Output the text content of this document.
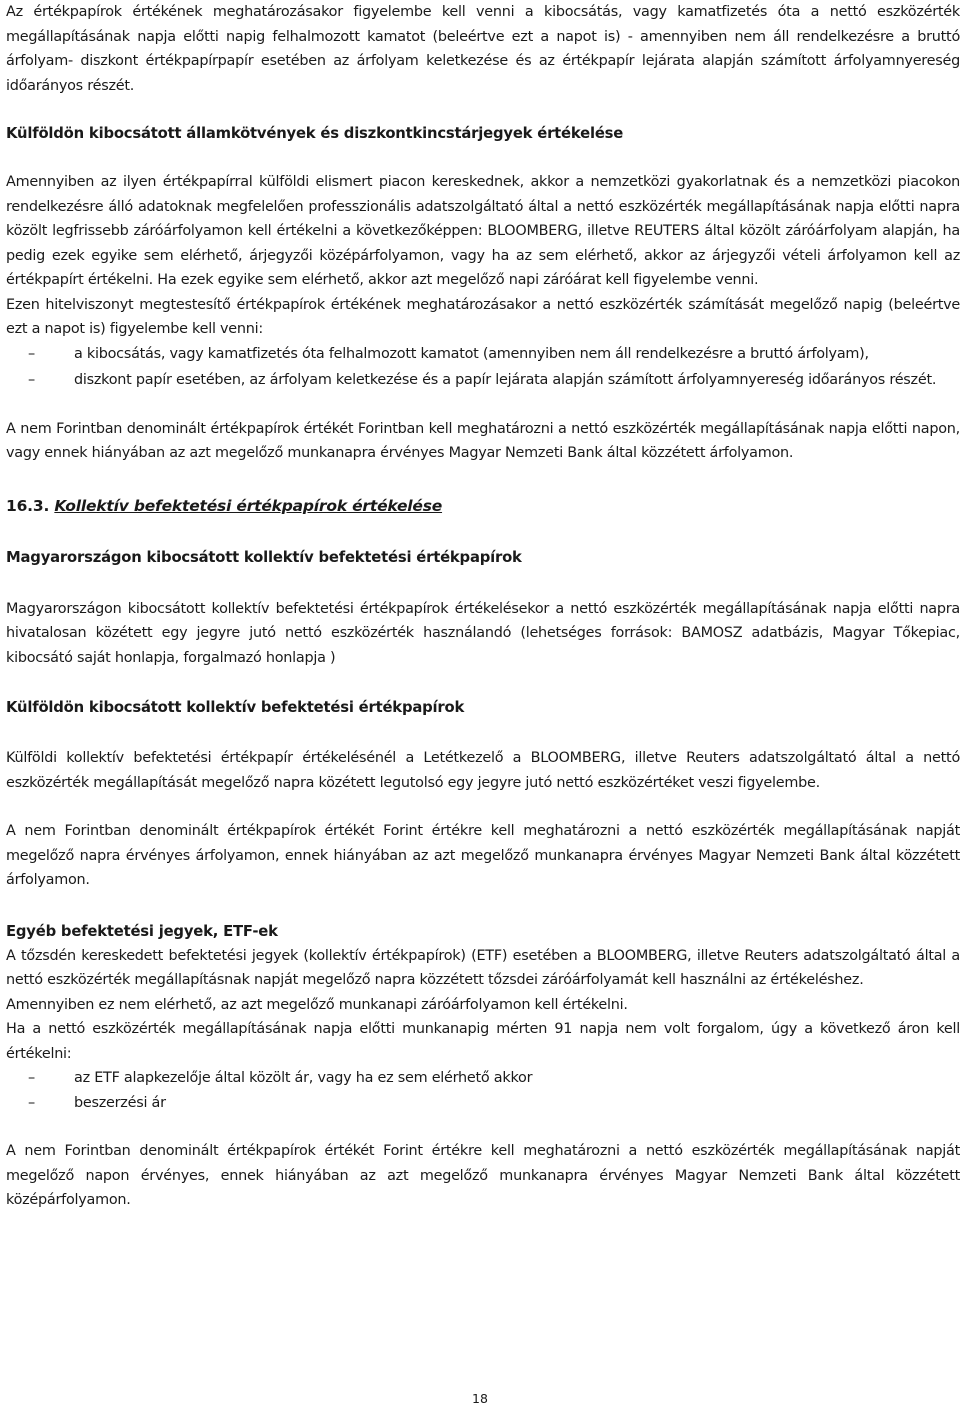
Az értékpapírok értékének meghatározásakor figyelembe kell venni a kibocsátás, vagy kamatfizetés óta a nettó eszközérték megállapításának napja előtti napig felhalmozott kamatot (beleértve ezt a napot is) - amennyiben nem áll rendelkezésre a bruttó árfolyam- diszkont értékpapírpapír esetében az árfolyam keletkezése és az értékpapír lejárata alapján számított árfolyamnyereség időarányos részét.

Külföldön kibocsátott államkötvények és diszkontkincstárjegyek értékelése

Amennyiben az ilyen értékpapírral külföldi elismert piacon kereskednek, akkor a nemzetközi gyakorlatnak és a nemzetközi piacokon rendelkezésre álló adatoknak megfelelően professzionális adatszolgáltató által a nettó eszközérték megállapításának napja előtti napra közölt legfrissebb záróárfolyamon kell értékelni a következőképpen: BLOOMBERG, illetve REUTERS által közölt záróárfolyam alapján, ha pedig ezek egyike sem elérhető, árjegyzői középárfolyamon, vagy ha az sem elérhető, akkor az árjegyzői vételi árfolyamon kell az értékpapírt értékelni. Ha ezek egyike sem elérhető, akkor azt megelőző napi záróárat kell figyelembe venni.

Ezen hitelviszonyt megtestesítő értékpapírok értékének meghatározásakor a nettó eszközérték számítását megelőző napig (beleértve ezt a napot is) figyelembe kell venni:

–	a kibocsátás, vagy kamatfizetés óta felhalmozott kamatot (amennyiben nem áll rendelkezésre a bruttó árfolyam),
–	diszkont papír esetében, az árfolyam keletkezése és a papír lejárata alapján számított árfolyamnyereség időarányos részét.

A nem Forintban denominált értékpapírok értékét Forintban kell meghatározni a nettó eszközérték megállapításának napja előtti napon, vagy ennek hiányában az azt megelőző munkanapra érvényes Magyar Nemzeti Bank által közzétett árfolyamon.

16.3. Kollektív befektetési értékpapírok értékelése
Magyarországon kibocsátott kollektív befektetési értékpapírok

Magyarországon kibocsátott kollektív befektetési értékpapírok értékelésekor a nettó eszközérték megállapításának napja előtti napra hivatalosan közétett egy jegyre jutó nettó eszközérték használandó (lehetséges források: BAMOSZ adatbázis, Magyar Tőkepiac, kibocsátó saját honlapja, forgalmazó honlapja )

Külföldön kibocsátott kollektív befektetési értékpapírok

Külföldi kollektív befektetési értékpapír értékelésénél a Letétkezelő a BLOOMBERG, illetve Reuters adatszolgáltató által a nettó eszközérték megállapítását megelőző napra közétett legutolsó egy jegyre jutó nettó eszközértéket veszi figyelembe.

A nem Forintban denominált értékpapírok értékét Forint értékre kell meghatározni a nettó eszközérték megállapításának napját megelőző napra érvényes árfolyamon, ennek hiányában az azt megelőző munkanapra érvényes Magyar Nemzeti Bank által közzétett árfolyamon.

Egyéb befektetési jegyek, ETF-ek

A tőzsdén kereskedett befektetési jegyek (kollektív értékpapírok) (ETF) esetében a BLOOMBERG, illetve Reuters adatszolgáltató által a nettó eszközérték megállapításnak napját megelőző napra közzétett tőzsdei záróárfolyamát kell használni az értékeléshez.

Amennyiben ez nem elérhető, az azt megelőző munkanapi záróárfolyamon kell értékelni.

Ha a nettó eszközérték megállapításának napja előtti munkanapig mérten 91 napja nem volt forgalom, úgy a következő áron kell értékelni:

–	az ETF alapkezelője által közölt ár, vagy ha ez sem elérhető akkor
–	beszerzési ár

A nem Forintban denominált értékpapírok értékét Forint értékre kell meghatározni a nettó eszközérték megállapításának napját megelőző napon érvényes, ennek hiányában az azt megelőző munkanapra érvényes Magyar Nemzeti Bank által közzétett középárfolyamon.

18
